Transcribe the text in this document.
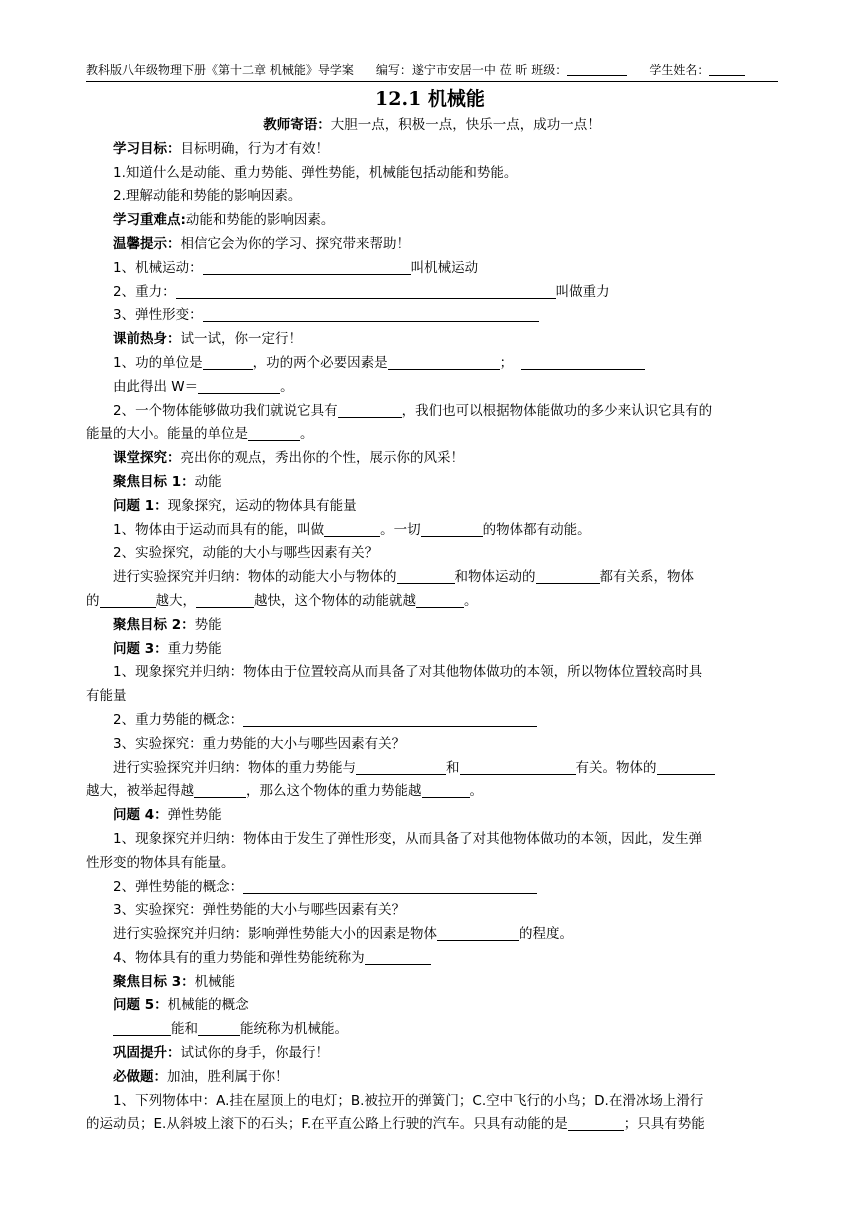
教科版八年级物理下册《第十二章 机械能》导学案 编写：遂宁市安居一中 莅 昕 班级：	学生姓名：
12.1 机械能
教师寄语：大胆一点，积极一点，快乐一点，成功一点！
学习目标：目标明确，行为才有效！
1.知道什么是动能、重力势能、弹性势能，机械能包括动能和势能。
2.理解动能和势能的影响因素。
学习重难点:动能和势能的影响因素。
温馨提示：相信它会为你的学习、探究带来帮助！
1、机械运动：	叫机械运动
2、重力：	叫做重力
3、弹性形变：
课前热身：试一试，你一定行！
1、功的单位是	，功的两个必要因素是	；
由此得出 W＝	。
2、一个物体能够做功我们就说它具有	，我们也可以根据物体能做功的多少来认识它具有的
能量的大小。能量的单位是	。
课堂探究：亮出你的观点，秀出你的个性，展示你的风采！
聚焦目标 1：动能
问题 1：现象探究，运动的物体具有能量
1、物体由于运动而具有的能，叫做	。一切	的物体都有动能。
2、实验探究，动能的大小与哪些因素有关？
进行实验探究并归纳：物体的动能大小与物体的	和物体运动的	都有关系，物体
的	越大，	越快，这个物体的动能就越	。
聚焦目标 2：势能
问题 3：重力势能
1、现象探究并归纳：物体由于位置较高从而具备了对其他物体做功的本领，所以物体位置较高时具
有能量
2、重力势能的概念：
3、实验探究：重力势能的大小与哪些因素有关？
进行实验探究并归纳：物体的重力势能与	和	有关。物体的
越大，被举起得越	，那么这个物体的重力势能越	。
问题 4：弹性势能
1、现象探究并归纳：物体由于发生了弹性形变，从而具备了对其他物体做功的本领，因此，发生弹
性形变的物体具有能量。
2、弹性势能的概念：
3、实验探究：弹性势能的大小与哪些因素有关？
进行实验探究并归纳：影响弹性势能大小的因素是物体	的程度。
4、物体具有的重力势能和弹性势能统称为
聚焦目标 3：机械能
问题 5：机械能的概念
能和	能统称为机械能。
巩固提升：试试你的身手，你最行！
必做题：加油，胜利属于你！
1、下列物体中：A.挂在屋顶上的电灯；B.被拉开的弹簧门；C.空中飞行的小鸟；D.在滑冰场上滑行
的运动员；E.从斜坡上滚下的石头；F.在平直公路上行驶的汽车。只具有动能的是	；只具有势能
